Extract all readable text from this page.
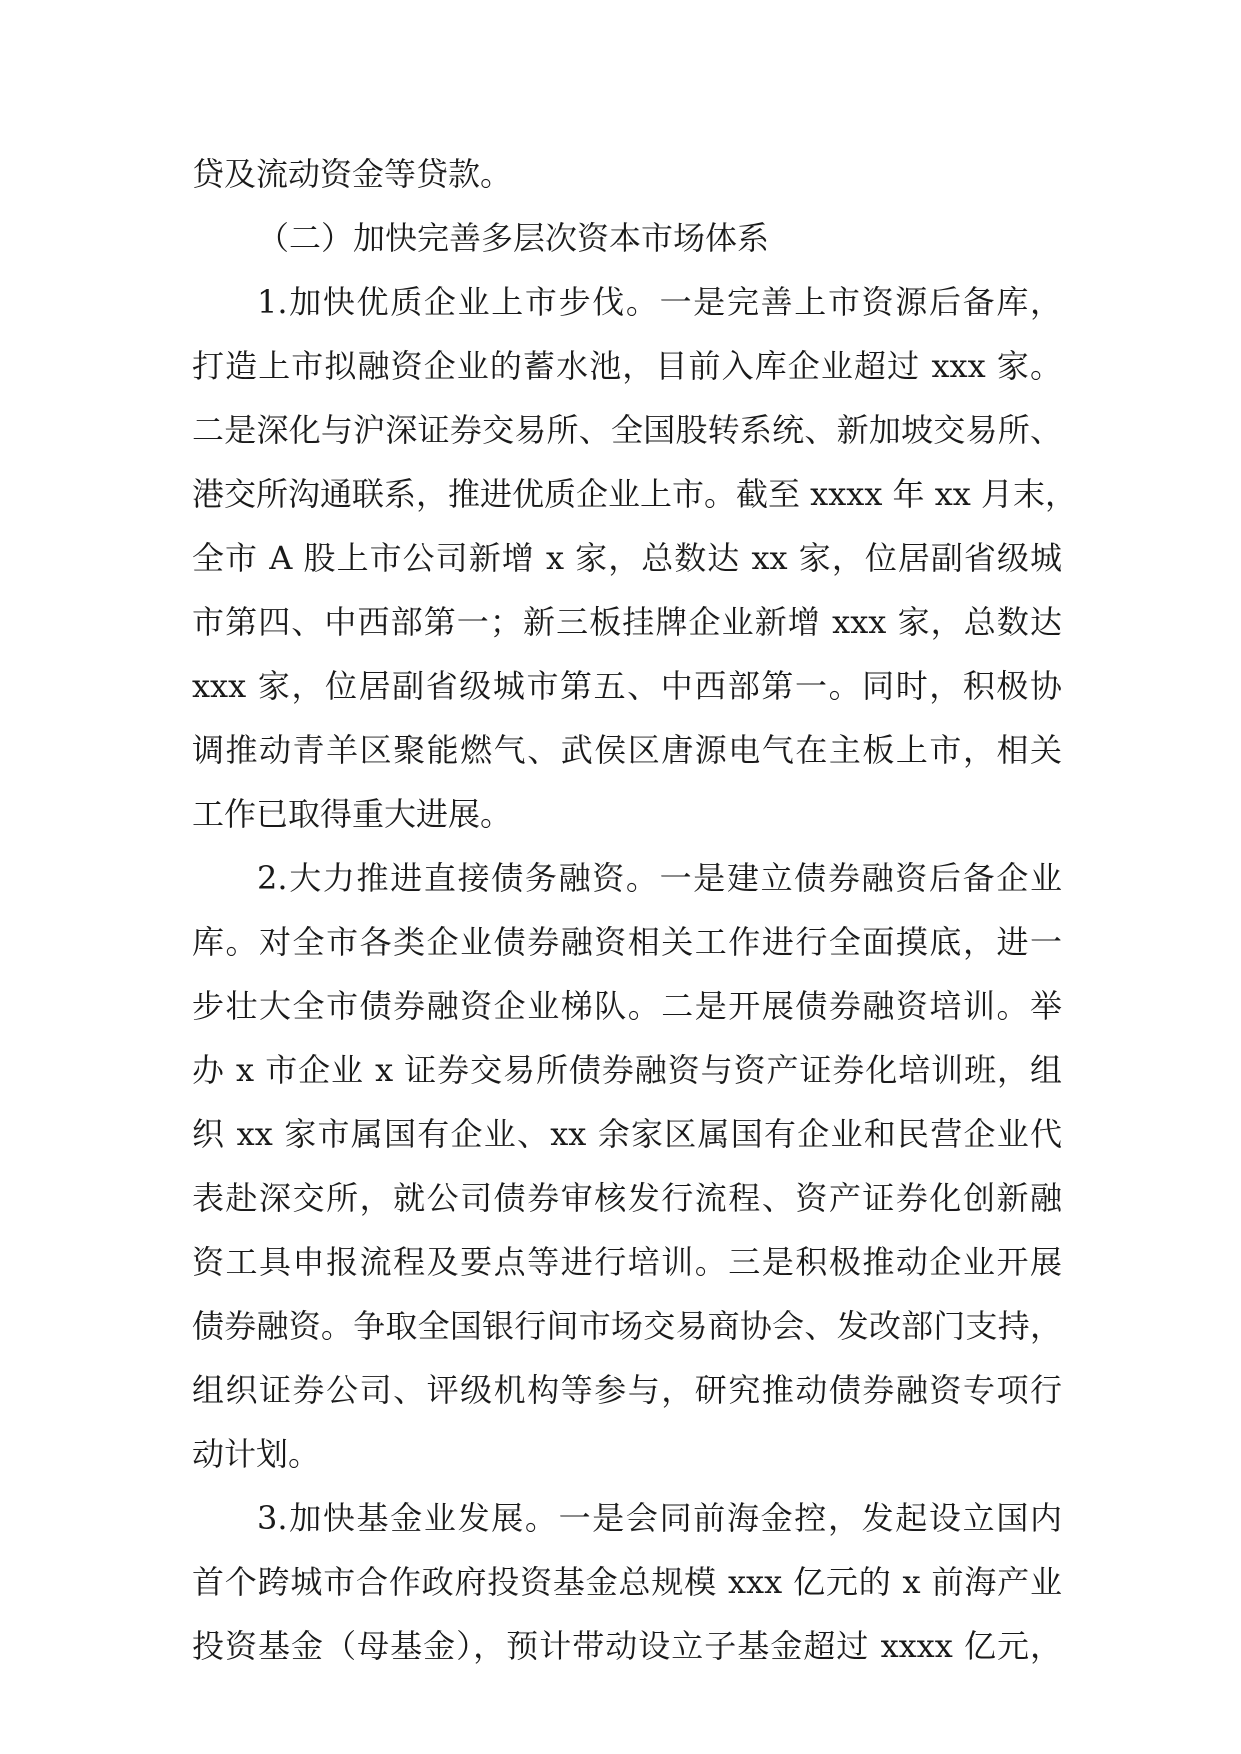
贷及流动资金等贷款。
（二）加快完善多层次资本市场体系
1.加快优质企业上市步伐。一是完善上市资源后备库，
打造上市拟融资企业的蓄水池，目前入库企业超过 xxx 家。
二是深化与沪深证券交易所、全国股转系统、新加坡交易所、
港交所沟通联系，推进优质企业上市。截至 xxxx 年 xx 月末，
全市 A 股上市公司新增 x 家，总数达 xx 家，位居副省级城
市第四、中西部第一；新三板挂牌企业新增 xxx 家，总数达
xxx 家，位居副省级城市第五、中西部第一。同时，积极协
调推动青羊区聚能燃气、武侯区唐源电气在主板上市，相关
工作已取得重大进展。
2.大力推进直接债务融资。一是建立债券融资后备企业
库。对全市各类企业债券融资相关工作进行全面摸底，进一
步壮大全市债券融资企业梯队。二是开展债券融资培训。举
办 x 市企业 x 证券交易所债券融资与资产证券化培训班，组
织 xx 家市属国有企业、xx 余家区属国有企业和民营企业代
表赴深交所，就公司债券审核发行流程、资产证券化创新融
资工具申报流程及要点等进行培训。三是积极推动企业开展
债券融资。争取全国银行间市场交易商协会、发改部门支持，
组织证券公司、评级机构等参与，研究推动债券融资专项行
动计划。
3.加快基金业发展。一是会同前海金控，发起设立国内
首个跨城市合作政府投资基金总规模 xxx 亿元的 x 前海产业
投资基金（母基金），预计带动设立子基金超过 xxxx 亿元，
